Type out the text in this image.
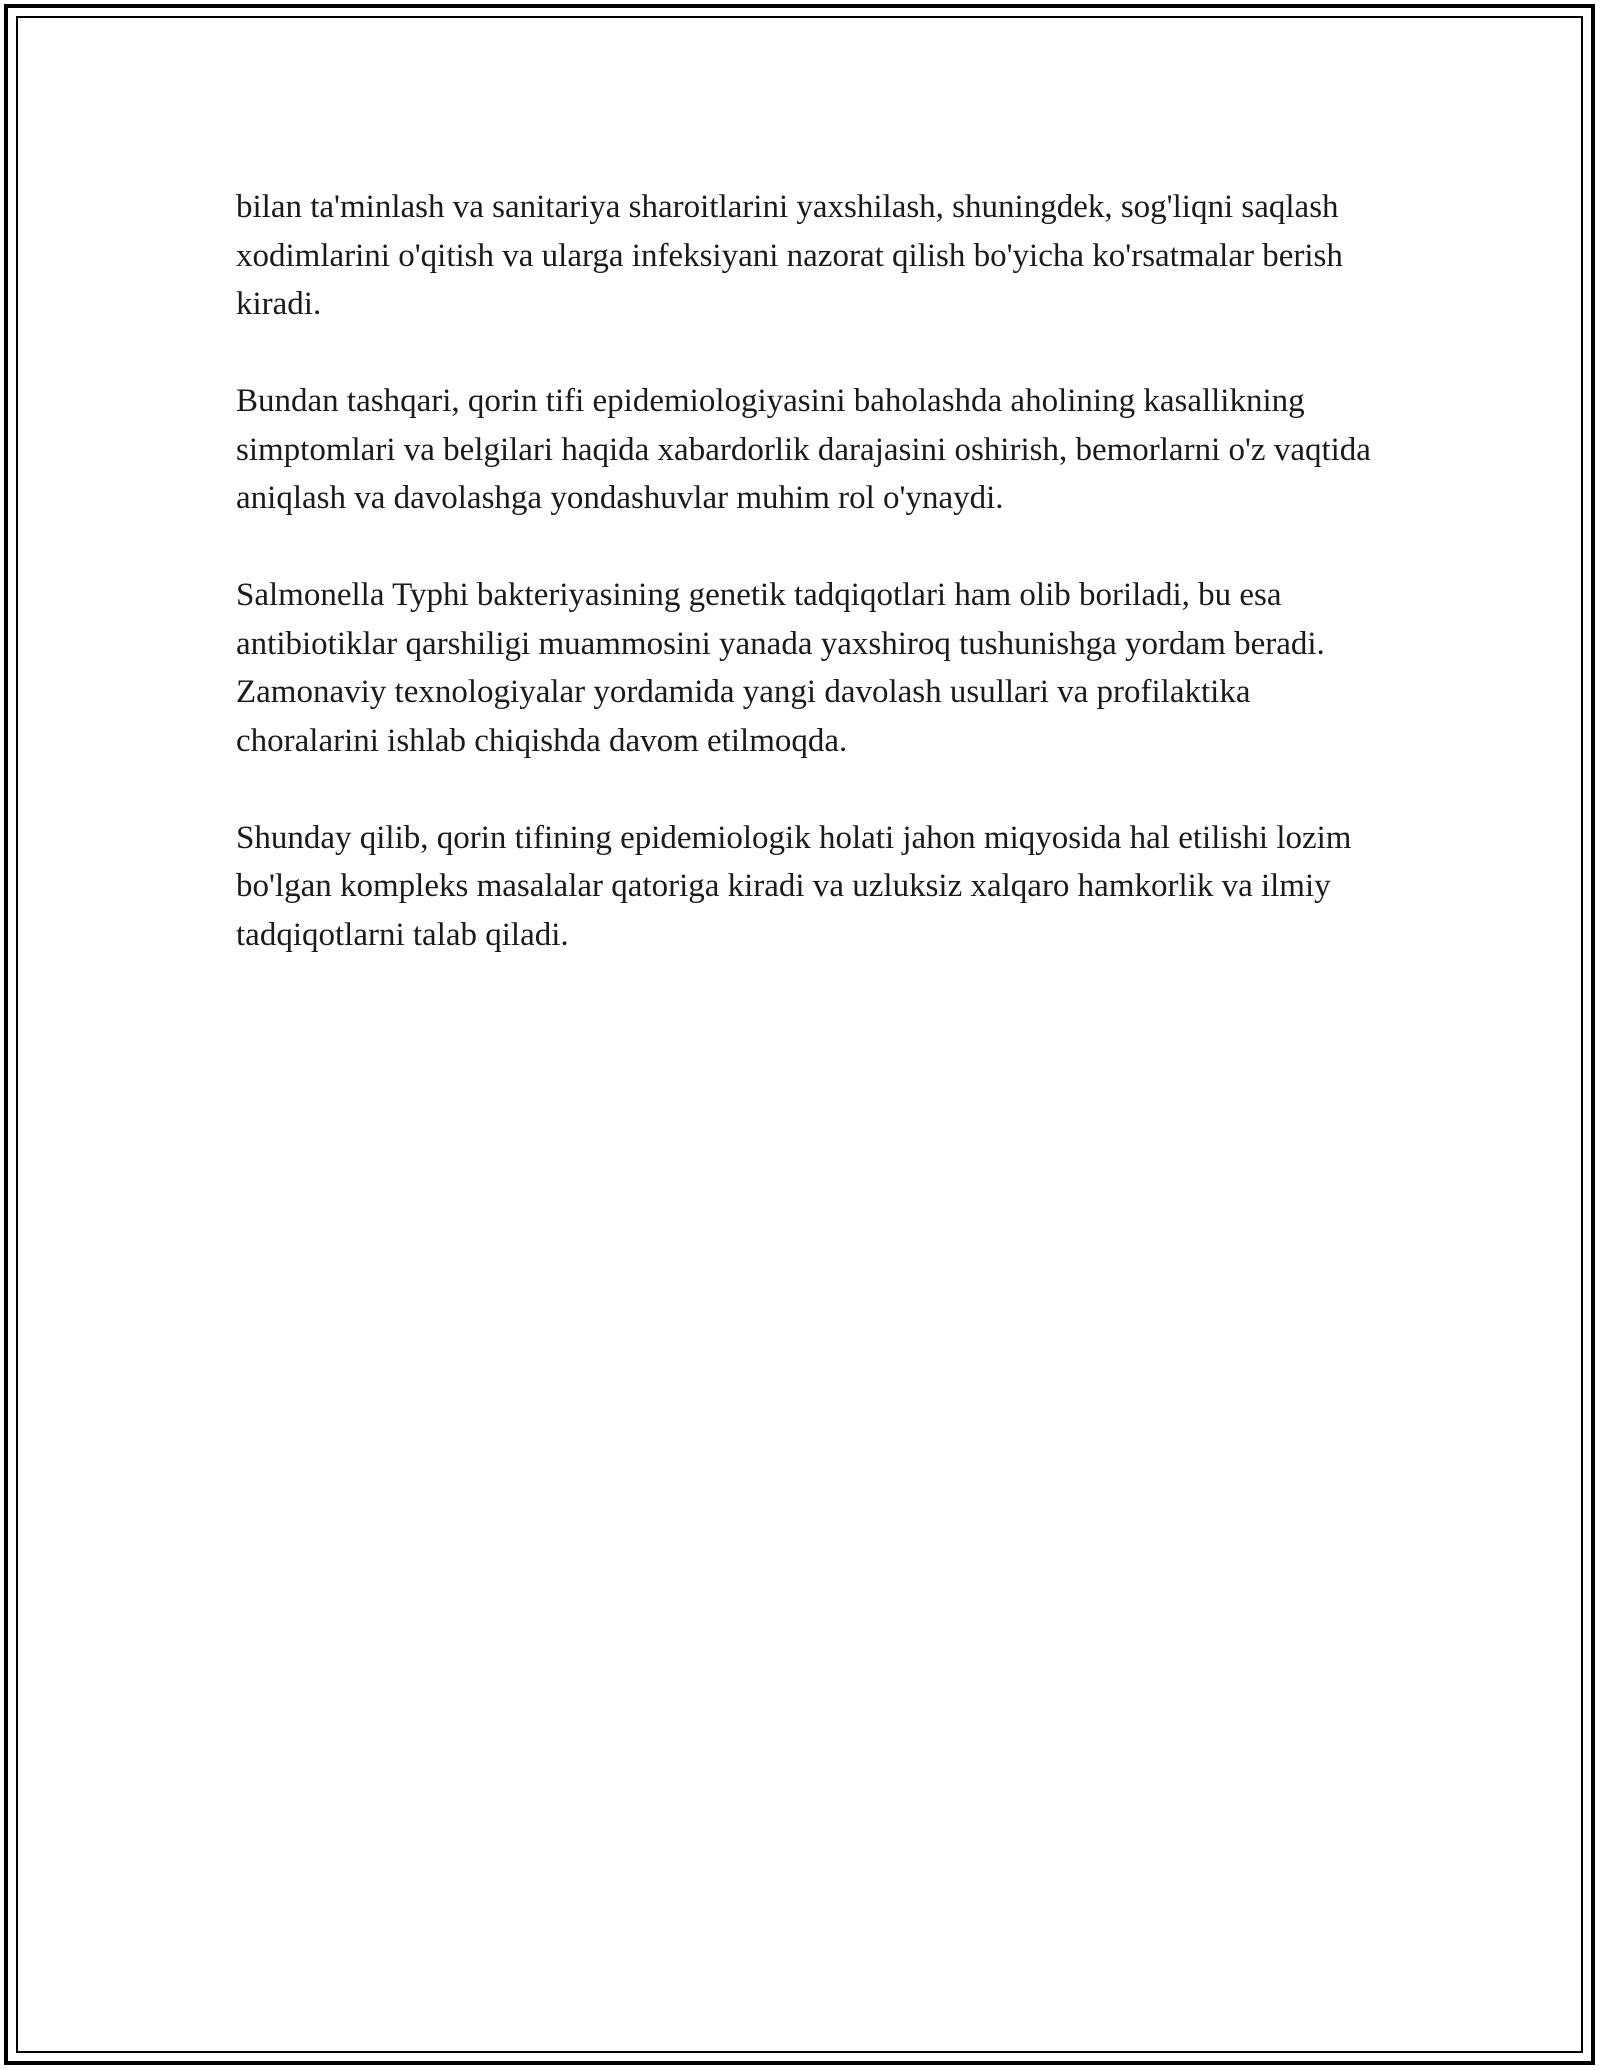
bilan ta'minlash va sanitariya sharoitlarini yaxshilash, shuningdek, sog'liqni saqlash xodimlarini o'qitish va ularga infeksiyani nazorat qilish bo'yicha ko'rsatmalar berish kiradi.

Bundan tashqari, qorin tifi epidemiologiyasini baholashda aholining kasallikning simptomlari va belgilari haqida xabardorlik darajasini oshirish, bemorlarni o'z vaqtida aniqlash va davolashga yondashuvlar muhim rol o'ynaydi.

Salmonella Typhi bakteriyasining genetik tadqiqotlari ham olib boriladi, bu esa antibiotiklar qarshiligi muammosini yanada yaxshiroq tushunishga yordam beradi. Zamonaviy texnologiyalar yordamida yangi davolash usullari va profilaktika choralarini ishlab chiqishda davom etilmoqda.

Shunday qilib, qorin tifining epidemiologik holati jahon miqyosida hal etilishi lozim bo'lgan kompleks masalalar qatoriga kiradi va uzluksiz xalqaro hamkorlik va ilmiy tadqiqotlarni talab qiladi.
